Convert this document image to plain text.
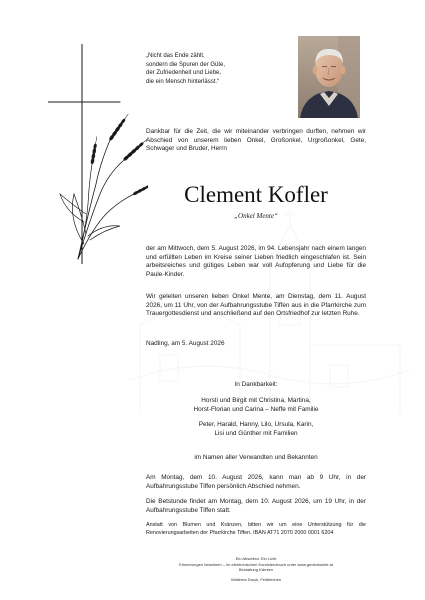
„Nicht das Ende zählt,
sondern die Spuren der Güte,
der Zufriedenheit und Liebe,
die ein Mensch hinterlässt.“
Dankbar für die Zeit, die wir miteinander verbringen durften, nehmen wir Abschied von unserem lieben Onkel, Großonkel, Urgroßonkel, Gete, Schwager und Bruder, Herrn
Clement Kofler
„Onkel Mente“
der am Mittwoch, dem 5. August 2026, im 94. Lebensjahr nach einem langen und erfüllten Leben im Kreise seiner Lieben friedlich eingeschlafen ist. Sein arbeitsreiches und gütiges Leben war voll Aufopferung und Liebe für die Paule-Kinder.
Wir geleiten unseren lieben Onkel Mente, am Dienstag, dem 11. August 2026, um 11 Uhr, von der Aufbahrungsstube Tiffen aus in die Pfarrkirche zum Trauergottesdienst und anschließend auf den Ortsfriedhof zur letzten Ruhe.
Nadling, am 5. August 2026
In Dankbarkeit:
Horsti und Birgit mit Christina, Martina,
Horst-Florian und Carina – Neffe mit Familie
Peter, Harald, Hanny, Lilo, Ursula, Karin,
Lisi und Günther mit Familien
im Namen aller Verwandten und Bekannten
Am Montag, dem 10. August 2026, kann man ab 9 Uhr, in der Aufbahrungsstube Tiffen persönlich Abschied nehmen.
Die Betstunde findet am Montag, dem 10. August 2026, um 19 Uhr, in der Aufbahrungsstube Tiffen statt.
Anstatt von Blumen und Kränzen, bitten wir um eine Unterstützung für die Renovierungsarbeiten der Pfarrkirche Tiffen. IBAN AT71 2070 2000 0001 6204
Ein Abschied. Ein Licht
Erinnerungen bewahren – im elektronischen Kondolenzbuch unter www.gedenkseite.at
Bestattung Kärnten
Wallerna Druck, Feldkirchen
